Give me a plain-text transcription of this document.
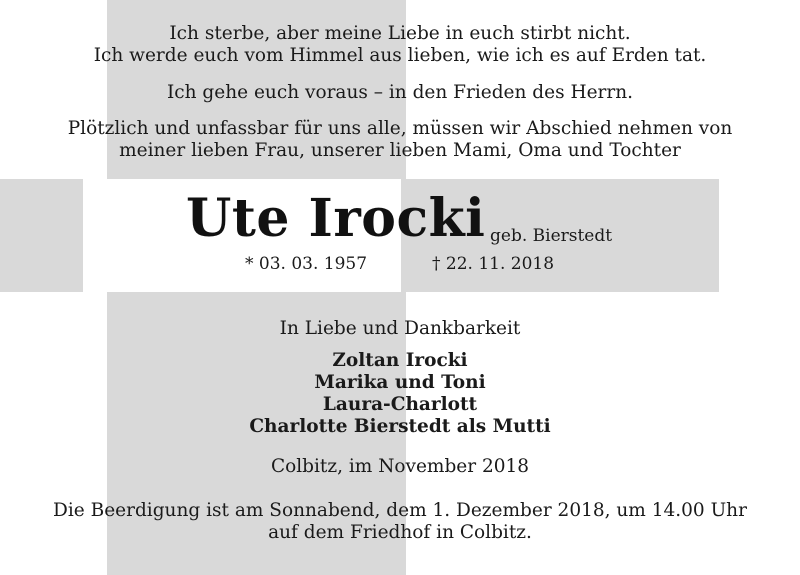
Ich sterbe, aber meine Liebe in euch stirbt nicht.
Ich werde euch vom Himmel aus lieben, wie ich es auf Erden tat.
Ich gehe euch voraus – in den Frieden des Herrn.
Plötzlich und unfassbar für uns alle, müssen wir Abschied nehmen von
meiner lieben Frau, unserer lieben Mami, Oma und Tochter
Ute Irocki geb. Bierstedt
* 03. 03. 1957	† 22. 11. 2018
In Liebe und Dankbarkeit
Zoltan Irocki
Marika und Toni
Laura-Charlott
Charlotte Bierstedt als Mutti
Colbitz, im November 2018
Die Beerdigung ist am Sonnabend, dem 1. Dezember 2018, um 14.00 Uhr
auf dem Friedhof in Colbitz.
